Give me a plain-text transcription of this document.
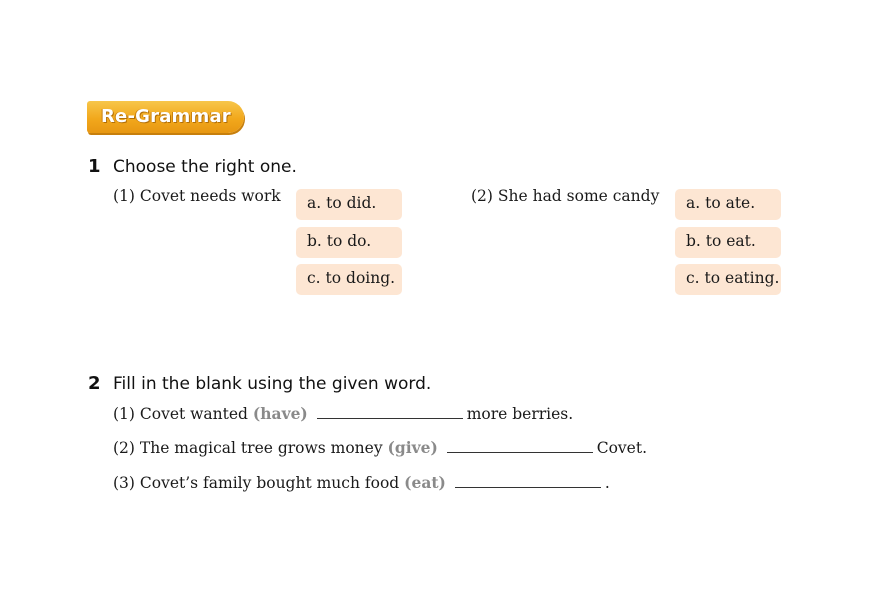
Re-Grammar
1 Choose the right one.
(1) Covet needs work	a. to did.
b. to do.
c. to doing.
(2) She had some candy	a. to ate.
b. to eat.
c. to eating.
2 Fill in the blank using the given word.
(1) Covet wanted (have)	more berries.
(2) The magical tree grows money (give)	Covet.
(3) Covet’s family bought much food (eat)	.
